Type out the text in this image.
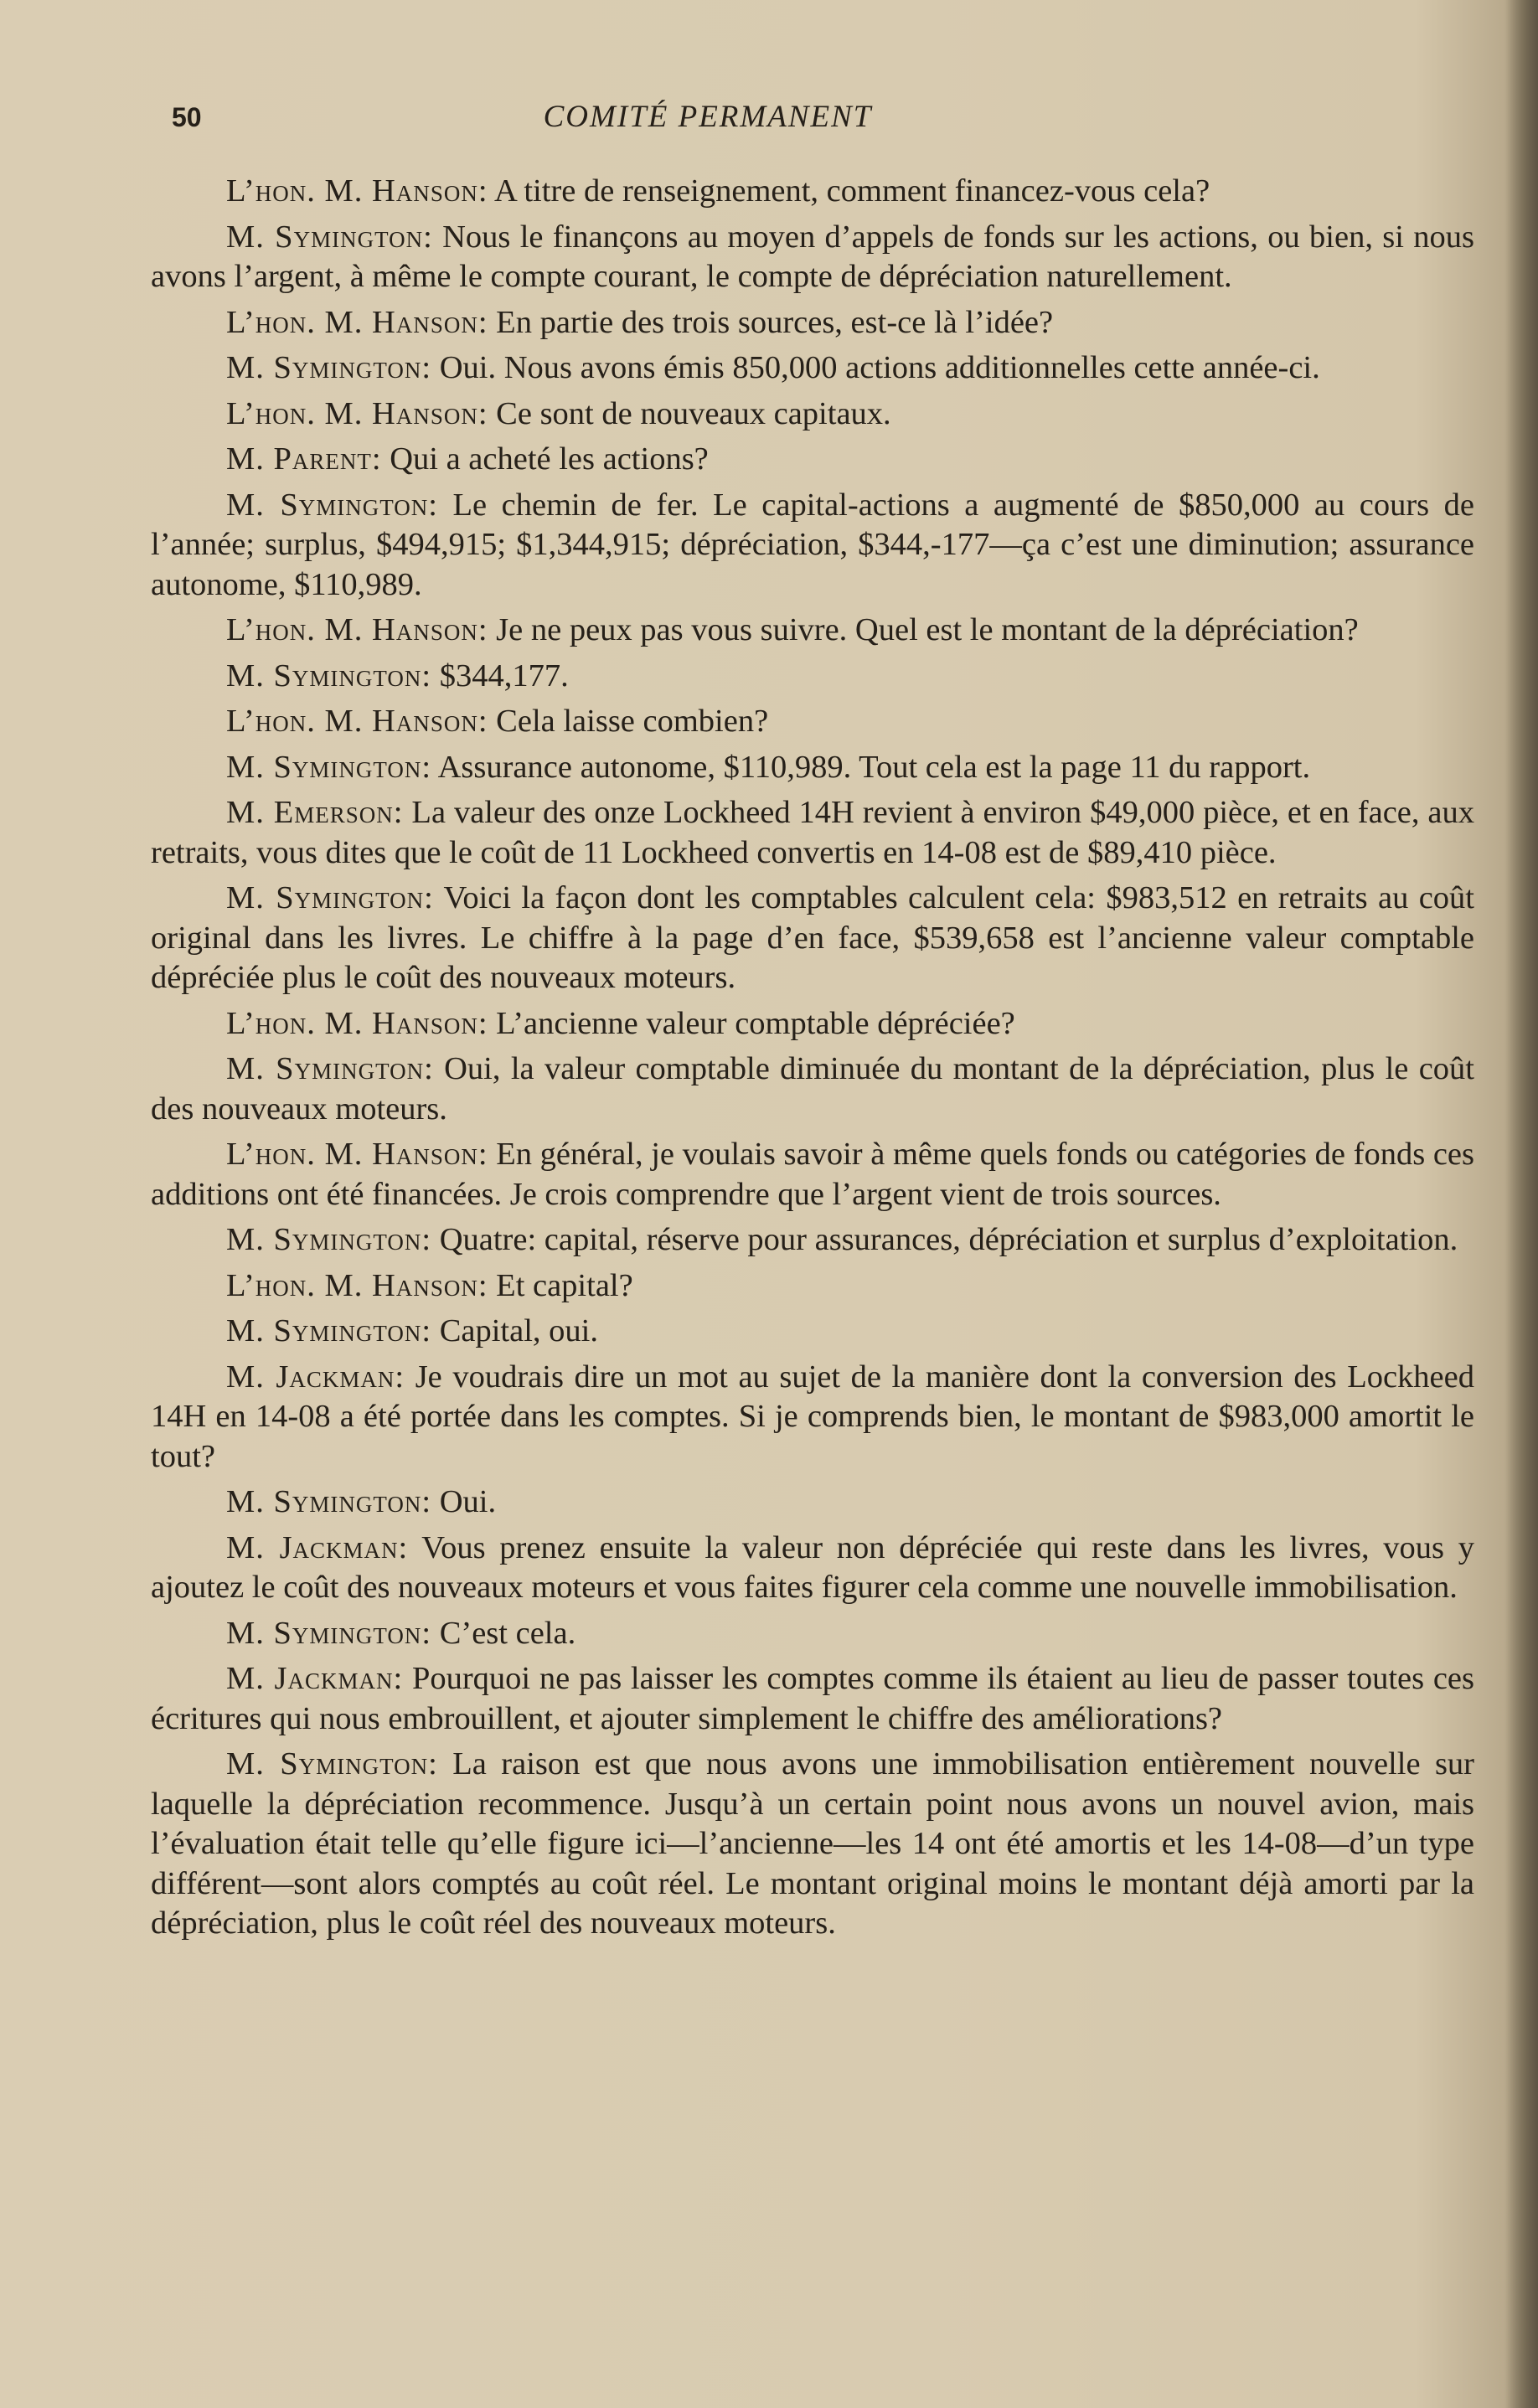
50	COMITÉ PERMANENT

L’hon. M. Hanson: A titre de renseignement, comment financez-vous cela?

M. Symington: Nous le finançons au moyen d’appels de fonds sur les actions, ou bien, si nous avons l’argent, à même le compte courant, le compte de dépréciation naturellement.

L’hon. M. Hanson: En partie des trois sources, est-ce là l’idée?

M. Symington: Oui. Nous avons émis 850,000 actions additionnelles cette année-ci.

L’hon. M. Hanson: Ce sont de nouveaux capitaux.

M. Parent: Qui a acheté les actions?

M. Symington: Le chemin de fer. Le capital-actions a augmenté de $850,000 au cours de l’année; surplus, $494,915; $1,344,915; dépréciation, $344,-177—ça c’est une diminution; assurance autonome, $110,989.

L’hon. M. Hanson: Je ne peux pas vous suivre. Quel est le montant de la dépréciation?

M. Symington: $344,177.

L’hon. M. Hanson: Cela laisse combien?

M. Symington: Assurance autonome, $110,989. Tout cela est la page 11 du rapport.

M. Emerson: La valeur des onze Lockheed 14H revient à environ $49,000 pièce, et en face, aux retraits, vous dites que le coût de 11 Lockheed convertis en 14-08 est de $89,410 pièce.

M. Symington: Voici la façon dont les comptables calculent cela: $983,512 en retraits au coût original dans les livres. Le chiffre à la page d’en face, $539,658 est l’ancienne valeur comptable dépréciée plus le coût des nouveaux moteurs.

L’hon. M. Hanson: L’ancienne valeur comptable dépréciée?

M. Symington: Oui, la valeur comptable diminuée du montant de la dépréciation, plus le coût des nouveaux moteurs.

L’hon. M. Hanson: En général, je voulais savoir à même quels fonds ou catégories de fonds ces additions ont été financées. Je crois comprendre que l’argent vient de trois sources.

M. Symington: Quatre: capital, réserve pour assurances, dépréciation et surplus d’exploitation.

L’hon. M. Hanson: Et capital?

M. Symington: Capital, oui.

M. Jackman: Je voudrais dire un mot au sujet de la manière dont la conversion des Lockheed 14H en 14-08 a été portée dans les comptes. Si je comprends bien, le montant de $983,000 amortit le tout?

M. Symington: Oui.

M. Jackman: Vous prenez ensuite la valeur non dépréciée qui reste dans les livres, vous y ajoutez le coût des nouveaux moteurs et vous faites figurer cela comme une nouvelle immobilisation.

M. Symington: C’est cela.

M. Jackman: Pourquoi ne pas laisser les comptes comme ils étaient au lieu de passer toutes ces écritures qui nous embrouillent, et ajouter simplement le chiffre des améliorations?

M. Symington: La raison est que nous avons une immobilisation entièrement nouvelle sur laquelle la dépréciation recommence. Jusqu’à un certain point nous avons un nouvel avion, mais l’évaluation était telle qu’elle figure ici—l’ancienne—les 14 ont été amortis et les 14-08—d’un type différent—sont alors comptés au coût réel. Le montant original moins le montant déjà amorti par la dépréciation, plus le coût réel des nouveaux moteurs.
